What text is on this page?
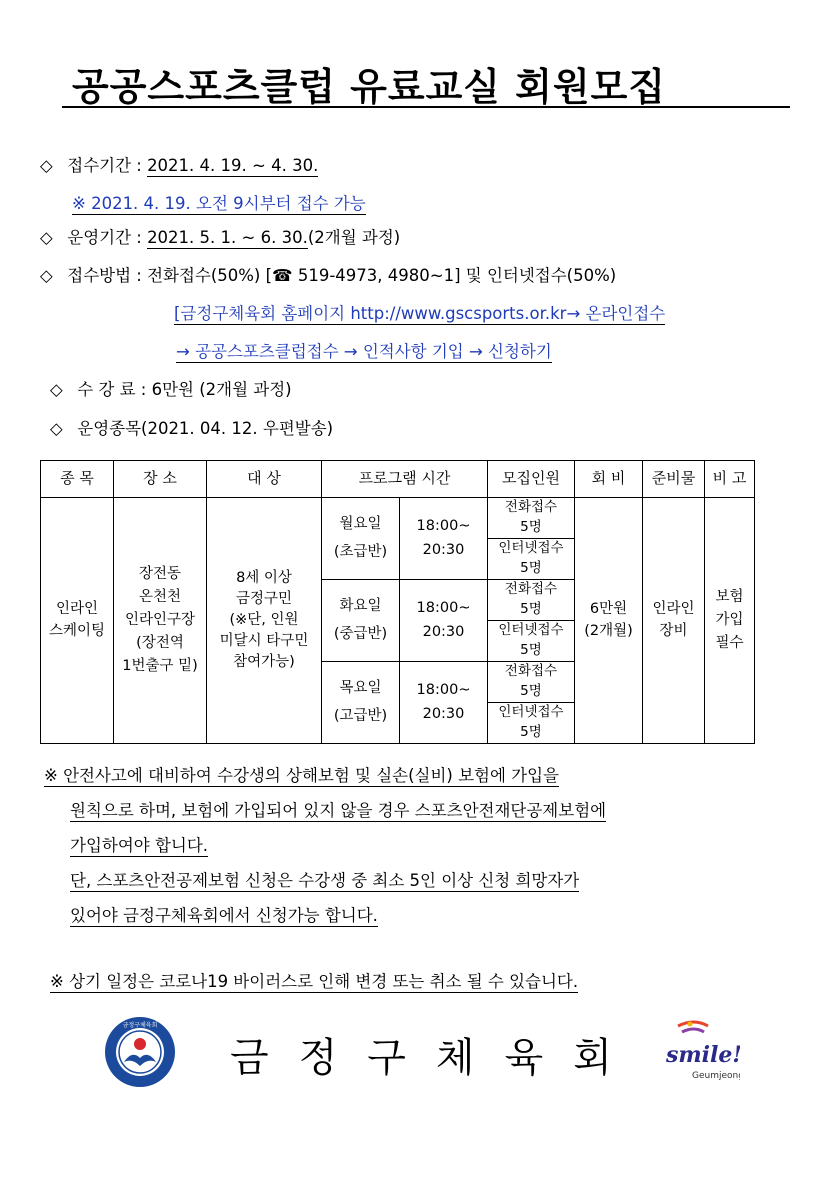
공공스포츠클럽 유료교실 회원모집
◇ 접수기간 : 2021. 4. 19. ~ 4. 30.
※ 2021. 4. 19. 오전 9시부터 접수 가능
◇ 운영기간 : 2021. 5. 1. ~ 6. 30.(2개월 과정)
◇ 접수방법 : 전화접수(50%) [☎ 519-4973, 4980~1] 및 인터넷접수(50%)
[금정구체육회 홈페이지 http://www.gscsports.or.kr→ 온라인접수
→ 공공스포츠클럽접수 → 인적사항 기입 → 신청하기
◇ 수 강 료 : 6만원 (2개월 과정)
◇ 운영종목(2021. 04. 12. 우편발송)
종 목	장 소	대 상	프로그램 시간		모집인원	회 비	준비물	비 고
인라인
스케이팅	장전동
온천천
인라인구장
(장전역
1번출구 밑)	8세 이상
금정구민
(※단, 인원
미달시 타구민
참여가능)	월요일
(초급반)	18:00~
20:30	전화접수
5명	6만원
(2개월)	인라인
장비	보험
가입
필수
					인터넷접수
5명			
			화요일
(중급반)	18:00~
20:30	전화접수
5명			
					인터넷접수
5명			
			목요일
(고급반)	18:00~
20:30	전화접수
5명			
					인터넷접수
5명			
※ 안전사고에 대비하여 수강생의 상해보험 및 실손(실비) 보험에 가입을
원칙으로 하며, 보험에 가입되어 있지 않을 경우 스포츠안전재단공제보험에
가입하여야 합니다.
단, 스포츠안전공제보험 신청은 수강생 중 최소 5인 이상 신청 희망자가
있어야 금정구체육회에서 신청가능 합니다.
※ 상기 일정은 코로나19 바이러스로 인해 변경 또는 취소 될 수 있습니다.
금정구체육회
금정구체육회 smile!
Geumjeong
